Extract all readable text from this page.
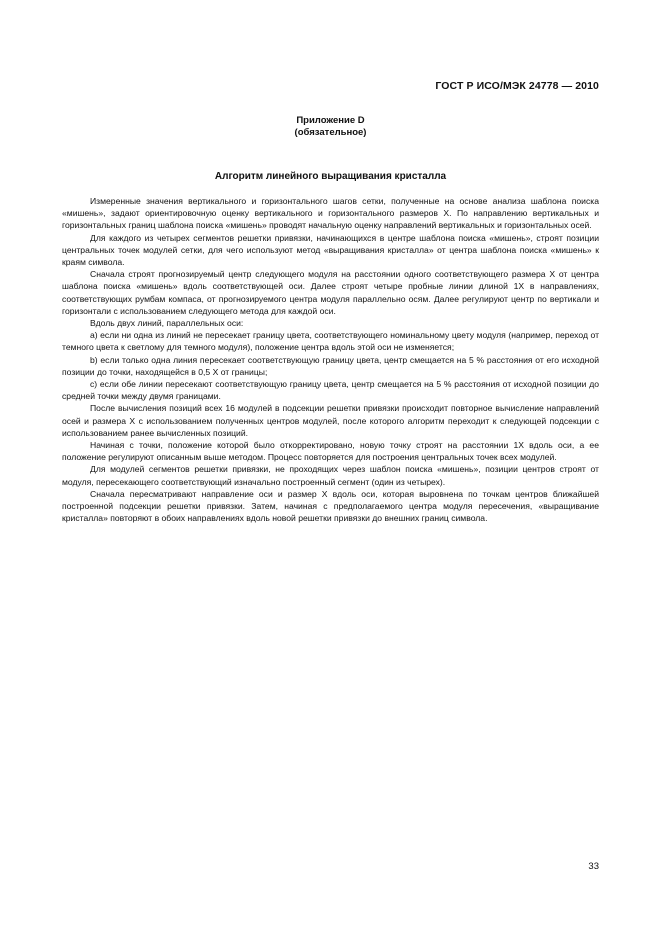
ГОСТ Р ИСО/МЭК 24778 — 2010
Приложение D
(обязательное)
Алгоритм линейного выращивания кристалла

Измеренные значения вертикального и горизонтального шагов сетки, полученные на основе анализа шаблона поиска «мишень», задают ориентировочную оценку вертикального и горизонтального размеров X. По направлению вертикальных и горизонтальных границ шаблона поиска «мишень» проводят начальную оценку направлений вертикальных и горизонтальных осей.

Для каждого из четырех сегментов решетки привязки, начинающихся в центре шаблона поиска «мишень», строят позиции центральных точек модулей сетки, для чего используют метод «выращивания кристалла» от центра шаблона поиска «мишень» к краям символа.

Сначала строят прогнозируемый центр следующего модуля на расстоянии одного соответствующего размера X от центра шаблона поиска «мишень» вдоль соответствующей оси. Далее строят четыре пробные линии длиной 1X в направлениях, соответствующих румбам компаса, от прогнозируемого центра модуля параллельно осям. Далее регулируют центр по вертикали и горизонтали с использованием следующего метода для каждой оси.

Вдоль двух линий, параллельных оси:

a) если ни одна из линий не пересекает границу цвета, соответствующего номинальному цвету модуля (например, переход от темного цвета к светлому для темного модуля), положение центра вдоль этой оси не изменяется;

b) если только одна линия пересекает соответствующую границу цвета, центр смещается на 5 % расстояния от его исходной позиции до точки, находящейся в 0,5 X от границы;

c) если обе линии пересекают соответствующую границу цвета, центр смещается на 5 % расстояния от исходной позиции до средней точки между двумя границами.

После вычисления позиций всех 16 модулей в подсекции решетки привязки происходит повторное вычисление направлений осей и размера X с использованием полученных центров модулей, после которого алгоритм переходит к следующей подсекции с использованием ранее вычисленных позиций.

Начиная с точки, положение которой было откорректировано, новую точку строят на расстоянии 1X вдоль оси, а ее положение регулируют описанным выше методом. Процесс повторяется для построения центральных точек всех модулей.

Для модулей сегментов решетки привязки, не проходящих через шаблон поиска «мишень», позиции центров строят от модуля, пересекающего соответствующий изначально построенный сегмент (один из четырех).

Сначала пересматривают направление оси и размер X вдоль оси, которая выровнена по точкам центров ближайшей построенной подсекции решетки привязки. Затем, начиная с предполагаемого центра модуля пересечения, «выращивание кристалла» повторяют в обоих направлениях вдоль новой решетки привязки до внешних границ символа.

33
